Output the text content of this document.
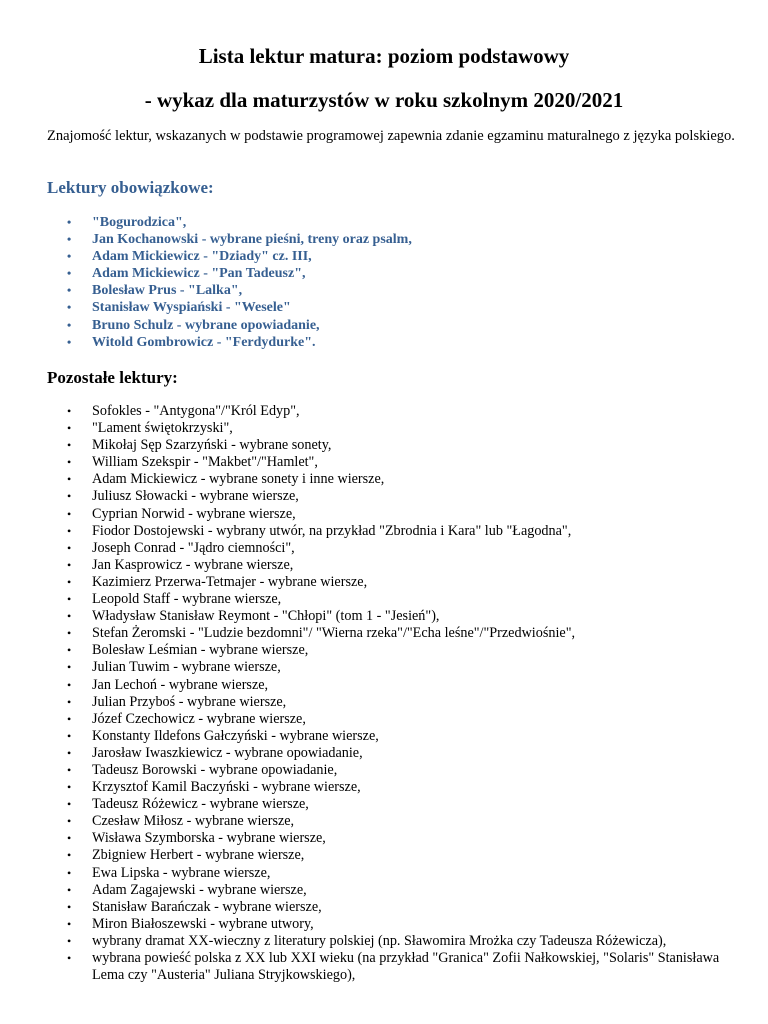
Lista lektur matura: poziom podstawowy
- wykaz dla maturzystów w roku szkolnym 2020/2021

Znajomość lektur, wskazanych w podstawie programowej zapewnia zdanie egzaminu maturalnego z języka polskiego.

Lektury obowiązkowe:
• "Bogurodzica",
• Jan Kochanowski - wybrane pieśni, treny oraz psalm,
• Adam Mickiewicz - "Dziady" cz. III,
• Adam Mickiewicz - "Pan Tadeusz",
• Bolesław Prus - "Lalka",
• Stanisław Wyspiański - "Wesele"
• Bruno Schulz - wybrane opowiadanie,
• Witold Gombrowicz - "Ferdydurke".
Pozostałe lektury:
• Sofokles - "Antygona"/"Król Edyp",
• "Lament świętokrzyski",
• Mikołaj Sęp Szarzyński - wybrane sonety,
• William Szekspir - "Makbet"/"Hamlet",
• Adam Mickiewicz - wybrane sonety i inne wiersze,
• Juliusz Słowacki - wybrane wiersze,
• Cyprian Norwid - wybrane wiersze,
• Fiodor Dostojewski - wybrany utwór, na przykład "Zbrodnia i Kara" lub "Łagodna",
• Joseph Conrad - "Jądro ciemności",
• Jan Kasprowicz - wybrane wiersze,
• Kazimierz Przerwa-Tetmajer - wybrane wiersze,
• Leopold Staff - wybrane wiersze,
• Władysław Stanisław Reymont - "Chłopi" (tom 1 - "Jesień"),
• Stefan Żeromski - "Ludzie bezdomni"/ "Wierna rzeka"/"Echa leśne"/"Przedwiośnie",
• Bolesław Leśmian - wybrane wiersze,
• Julian Tuwim - wybrane wiersze,
• Jan Lechoń - wybrane wiersze,
• Julian Przyboś - wybrane wiersze,
• Józef Czechowicz - wybrane wiersze,
• Konstanty Ildefons Gałczyński - wybrane wiersze,
• Jarosław Iwaszkiewicz - wybrane opowiadanie,
• Tadeusz Borowski - wybrane opowiadanie,
• Krzysztof Kamil Baczyński - wybrane wiersze,
• Tadeusz Różewicz - wybrane wiersze,
• Czesław Miłosz - wybrane wiersze,
• Wisława Szymborska - wybrane wiersze,
• Zbigniew Herbert - wybrane wiersze,
• Ewa Lipska - wybrane wiersze,
• Adam Zagajewski - wybrane wiersze,
• Stanisław Barańczak - wybrane wiersze,
• Miron Białoszewski - wybrane utwory,
• wybrany dramat XX-wieczny z literatury polskiej (np. Sławomira Mrożka czy Tadeusza Różewicza),
• wybrana powieść polska z XX lub XXI wieku (na przykład "Granica" Zofii Nałkowskiej, "Solaris" Stanisława Lema czy "Austeria" Juliana Stryjkowskiego),
